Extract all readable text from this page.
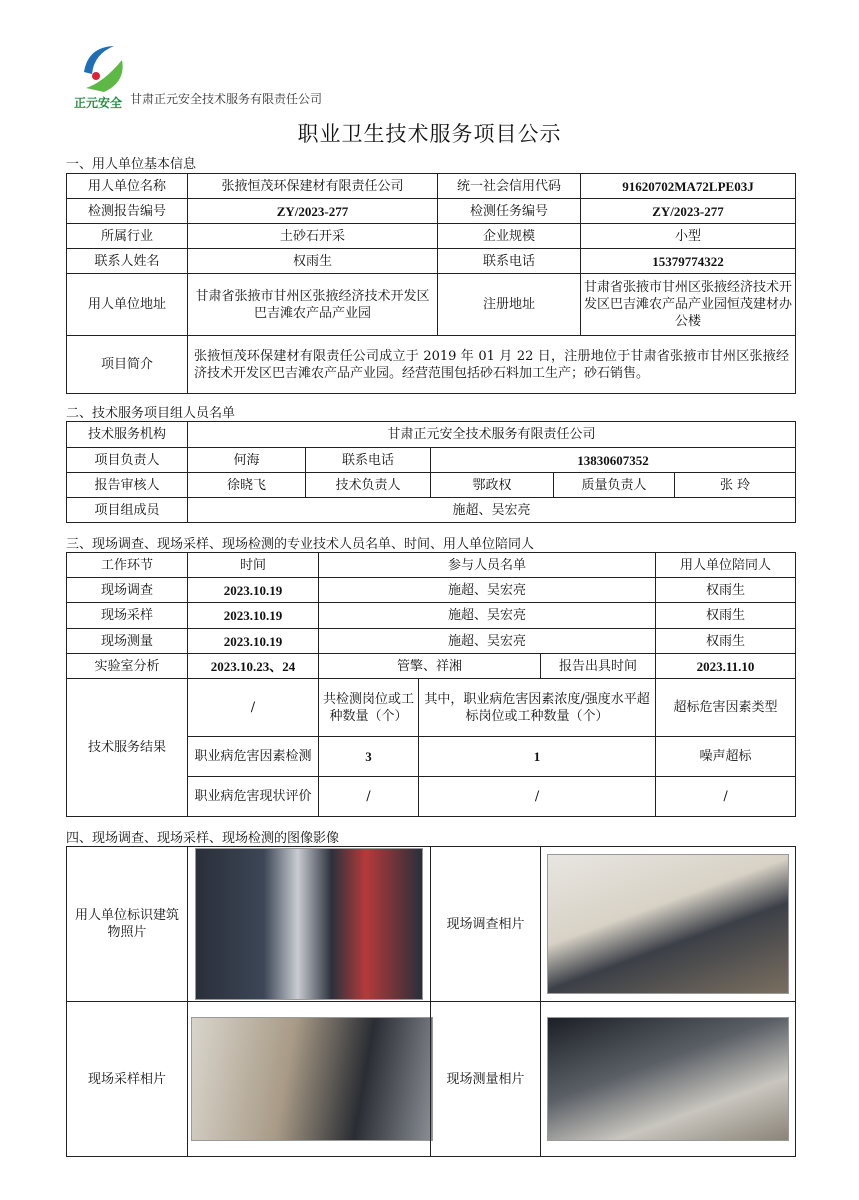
正元安全 甘肃正元安全技术服务有限责任公司
职业卫生技术服务项目公示
一、用人单位基本信息
用人单位名称	张掖恒茂环保建材有限责任公司	统一社会信用代码	91620702MA72LPE03J
检测报告编号	ZY/2023-277	检测任务编号	ZY/2023-277
所属行业	土砂石开采	企业规模	小型
联系人姓名	权雨生	联系电话	15379774322
用人单位地址	甘肃省张掖市甘州区张掖经济技术开发区巴吉滩农产品产业园	注册地址	甘肃省张掖市甘州区张掖经济技术开发区巴吉滩农产品产业园恒茂建材办公楼
项目简介	张掖恒茂环保建材有限责任公司成立于 2019 年 01 月 22 日，注册地位于甘肃省张掖市甘州区张掖经济技术开发区巴吉滩农产品产业园。经营范围包括砂石料加工生产；砂石销售。		
二、技术服务项目组人员名单
技术服务机构	甘肃正元安全技术服务有限责任公司				
项目负责人	何海	联系电话	13830607352		
报告审核人	徐晓飞	技术负责人	鄂政权	质量负责人	张 玲
项目组成员	施超、吴宏亮				
三、现场调查、现场采样、现场检测的专业技术人员名单、时间、用人单位陪同人
工作环节	时间	参与人员名单			用人单位陪同人
现场调查	2023.10.19	施超、吴宏亮			权雨生
现场采样	2023.10.19	施超、吴宏亮			权雨生
现场测量	2023.10.19	施超、吴宏亮			权雨生
实验室分析	2023.10.23、24	管擎、祥湘		报告出具时间	2023.11.10
技术服务结果	/	共检测岗位或工种数量（个）	其中，职业病危害因素浓度/强度水平超标岗位或工种数量（个）		超标危害因素类型
	职业病危害因素检测	3	1		噪声超标
	职业病危害现状评价	/	/		/
四、现场调查、现场采样、现场检测的图像影像
用人单位标识建筑物照片		现场调查相片	

现场采样相片		现场测量相片	
